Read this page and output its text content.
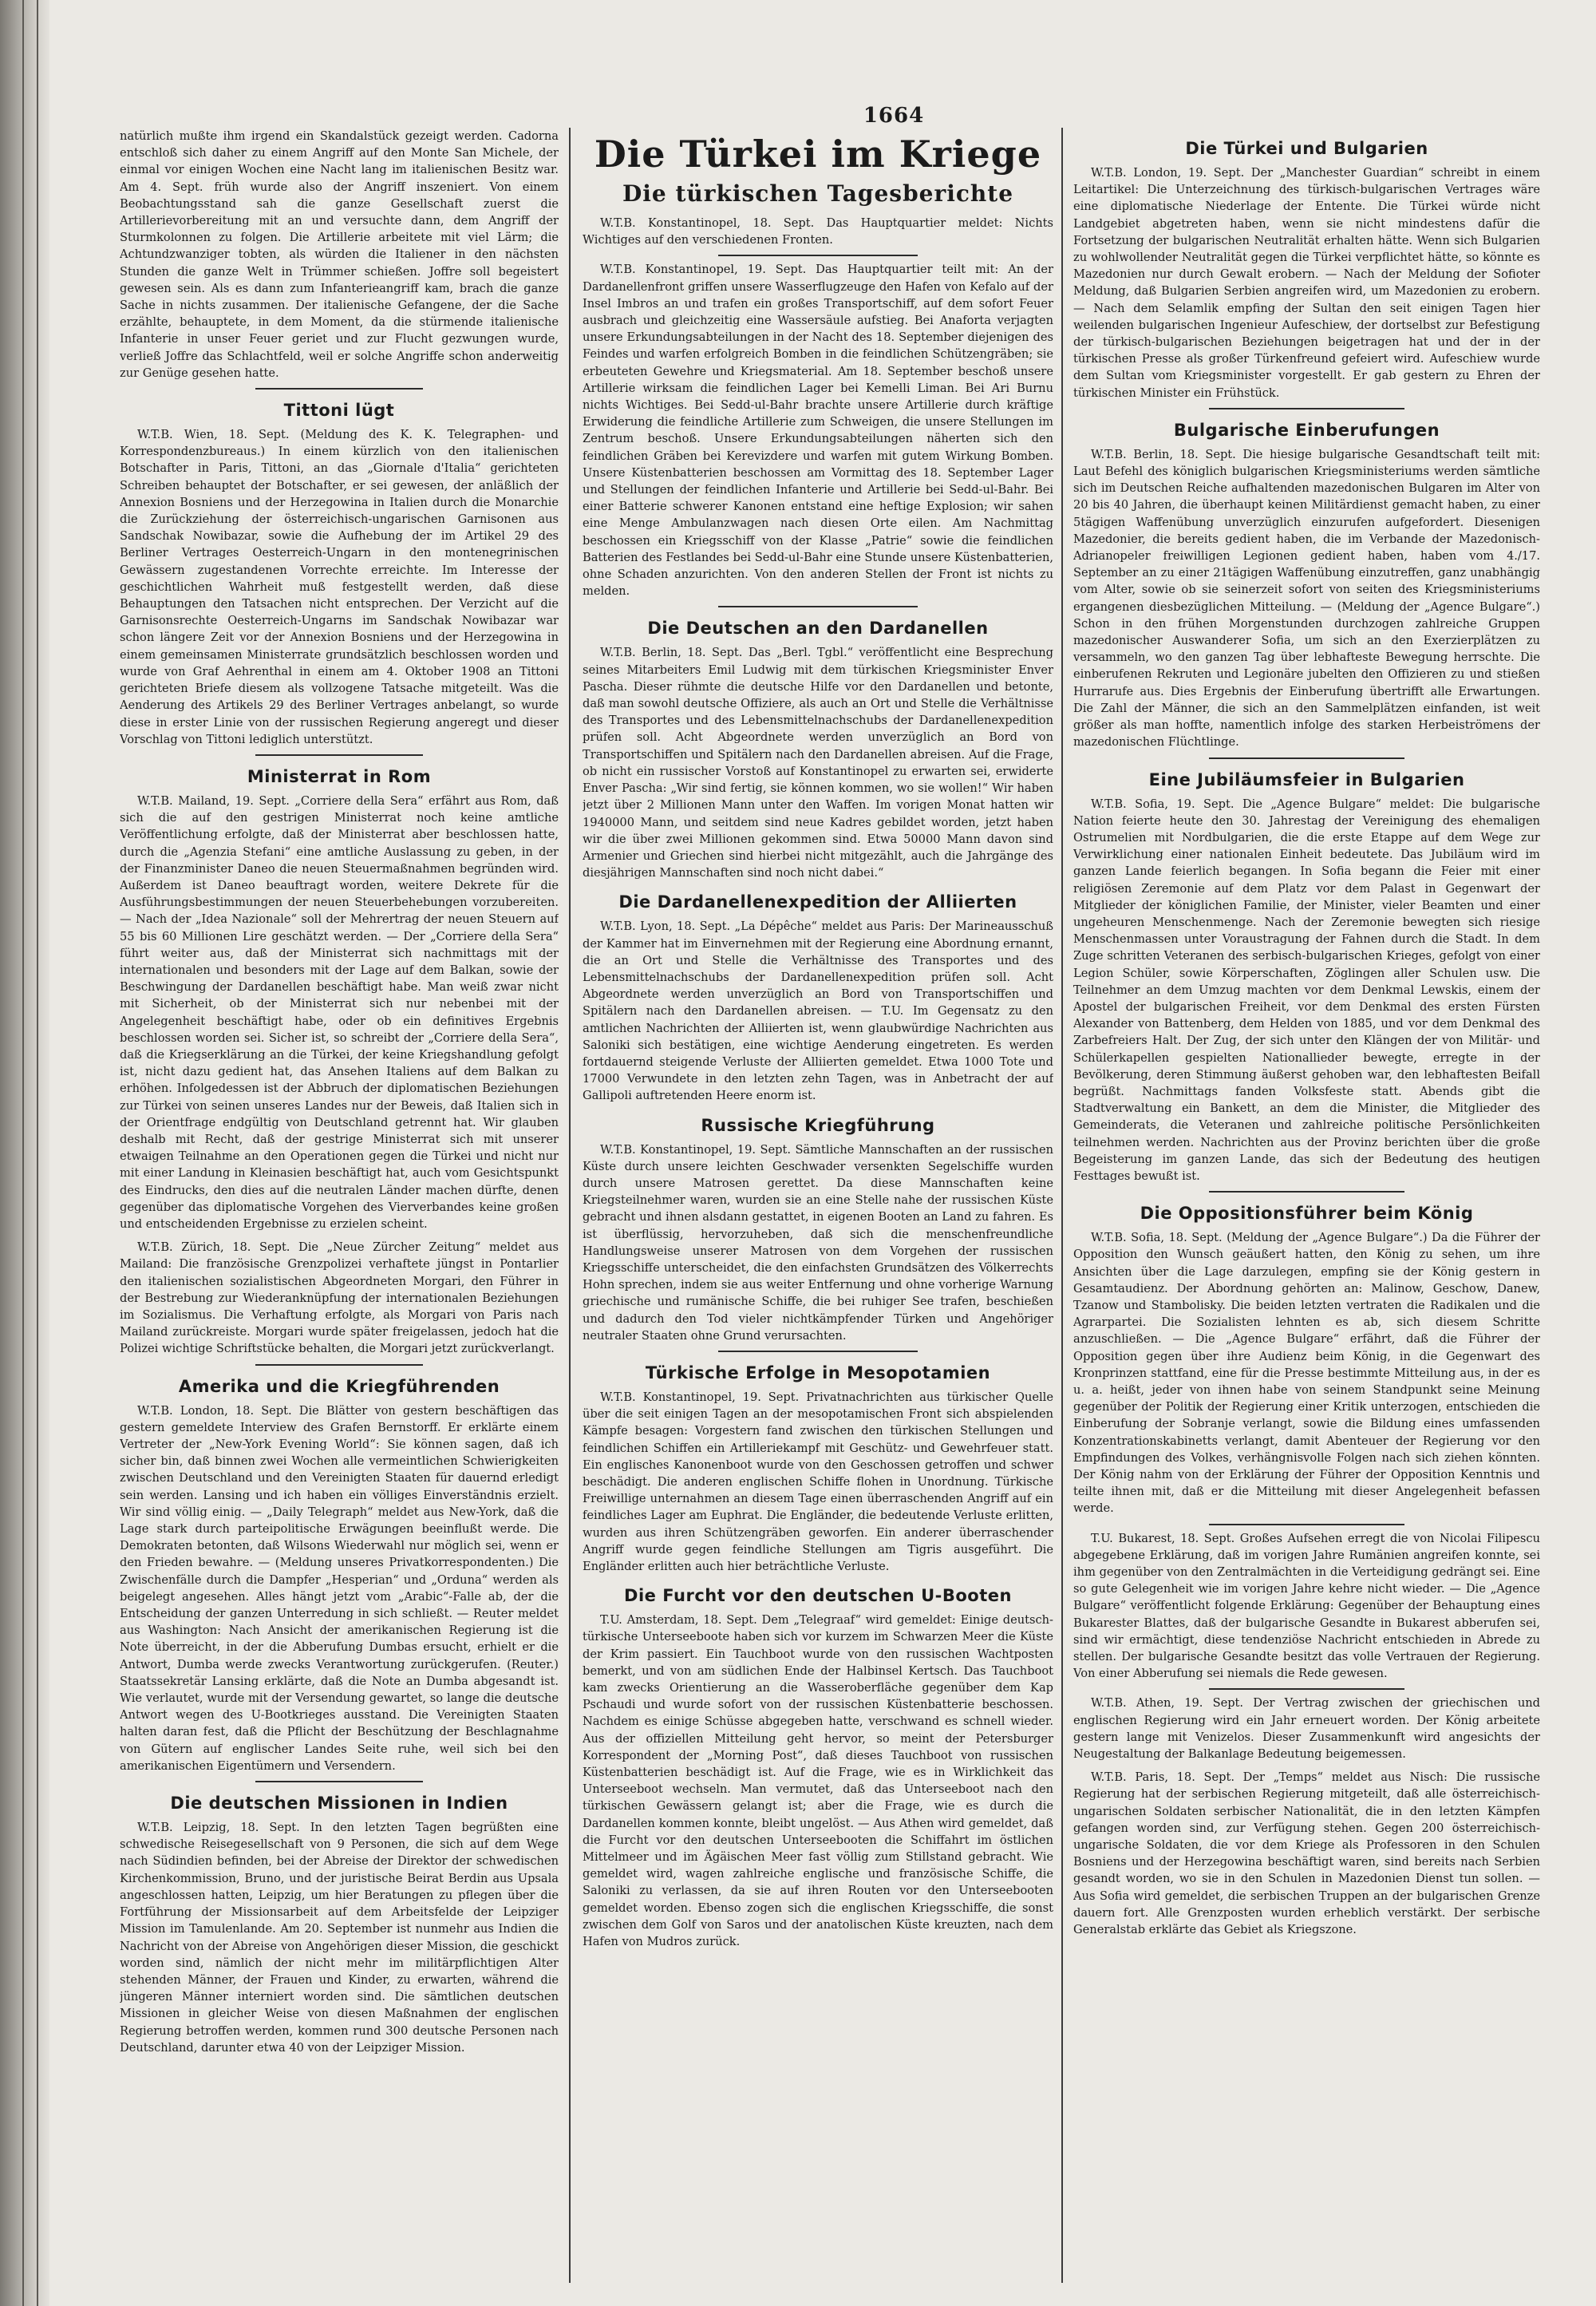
1664

natürlich mußte ihm irgend ein Skandalstück gezeigt werden. Cadorna entschloß sich daher zu einem Angriff auf den Monte San Michele, der einmal vor einigen Wochen eine Nacht lang im italienischen Besitz war. Am 4. Sept. früh wurde also der Angriff inszeniert. Von einem Beobachtungsstand sah die ganze Gesellschaft zuerst die Artillerievorbereitung mit an und versuchte dann, dem Angriff der Sturmkolonnen zu folgen. Die Artillerie arbeitete mit viel Lärm; die Achtundzwanziger tobten, als würden die Italiener in den nächsten Stunden die ganze Welt in Trümmer schießen. Joffre soll begeistert gewesen sein. Als es dann zum Infanterieangriff kam, brach die ganze Sache in nichts zusammen. Der italienische Gefangene, der die Sache erzählte, behauptete, in dem Moment, da die stürmende italienische Infanterie in unser Feuer geriet und zur Flucht gezwungen wurde, verließ Joffre das Schlachtfeld, weil er solche Angriffe schon anderweitig zur Genüge gesehen hatte.

Tittoni lügt

W.T.B. Wien, 18. Sept. (Meldung des K. K. Telegraphen- und Korrespondenzbureaus.) In einem kürzlich von den italienischen Botschafter in Paris, Tittoni, an das „Giornale d'Italia“ gerichteten Schreiben behauptet der Botschafter, er sei gewesen, der anläßlich der Annexion Bosniens und der Herzegowina in Italien durch die Monarchie die Zurückziehung der österreichisch-ungarischen Garnisonen aus Sandschak Nowibazar, sowie die Aufhebung der im Artikel 29 des Berliner Vertrages Oesterreich-Ungarn in den montenegrinischen Gewässern zugestandenen Vorrechte erreichte. Im Interesse der geschichtlichen Wahrheit muß festgestellt werden, daß diese Behauptungen den Tatsachen nicht entsprechen. Der Verzicht auf die Garnisonsrechte Oesterreich-Ungarns im Sandschak Nowibazar war schon längere Zeit vor der Annexion Bosniens und der Herzegowina in einem gemeinsamen Ministerrate grundsätzlich beschlossen worden und wurde von Graf Aehrenthal in einem am 4. Oktober 1908 an Tittoni gerichteten Briefe diesem als vollzogene Tatsache mitgeteilt. Was die Aenderung des Artikels 29 des Berliner Vertrages anbelangt, so wurde diese in erster Linie von der russischen Regierung angeregt und dieser Vorschlag von Tittoni lediglich unterstützt.

Ministerrat in Rom

W.T.B. Mailand, 19. Sept. „Corriere della Sera“ erfährt aus Rom, daß sich die auf den gestrigen Ministerrat noch keine amtliche Veröffentlichung erfolgte, daß der Ministerrat aber beschlossen hatte, durch die „Agenzia Stefani“ eine amtliche Auslassung zu geben, in der der Finanzminister Daneo die neuen Steuermaßnahmen begründen wird. Außerdem ist Daneo beauftragt worden, weitere Dekrete für die Ausführungsbestimmungen der neuen Steuerbehebungen vorzubereiten. — Nach der „Idea Nazionale“ soll der Mehrertrag der neuen Steuern auf 55 bis 60 Millionen Lire geschätzt werden. — Der „Corriere della Sera“ führt weiter aus, daß der Ministerrat sich nachmittags mit der internationalen und besonders mit der Lage auf dem Balkan, sowie der Beschwingung der Dardanellen beschäftigt habe. Man weiß zwar nicht mit Sicherheit, ob der Ministerrat sich nur nebenbei mit der Angelegenheit beschäftigt habe, oder ob ein definitives Ergebnis beschlossen worden sei. Sicher ist, so schreibt der „Corriere della Sera“, daß die Kriegserklärung an die Türkei, der keine Kriegshandlung gefolgt ist, nicht dazu gedient hat, das Ansehen Italiens auf dem Balkan zu erhöhen. Infolgedessen ist der Abbruch der diplomatischen Beziehungen zur Türkei von seinen unseres Landes nur der Beweis, daß Italien sich in der Orientfrage endgültig von Deutschland getrennt hat. Wir glauben deshalb mit Recht, daß der gestrige Ministerrat sich mit unserer etwaigen Teilnahme an den Operationen gegen die Türkei und nicht nur mit einer Landung in Kleinasien beschäftigt hat, auch vom Gesichtspunkt des Eindrucks, den dies auf die neutralen Länder machen dürfte, denen gegenüber das diplomatische Vorgehen des Vierverbandes keine großen und entscheidenden Ergebnisse zu erzielen scheint.

W.T.B. Zürich, 18. Sept. Die „Neue Zürcher Zeitung“ meldet aus Mailand: Die französische Grenzpolizei verhaftete jüngst in Pontarlier den italienischen sozialistischen Abgeordneten Morgari, den Führer in der Bestrebung zur Wiederanknüpfung der internationalen Beziehungen im Sozialismus. Die Verhaftung erfolgte, als Morgari von Paris nach Mailand zurückreiste. Morgari wurde später freigelassen, jedoch hat die Polizei wichtige Schriftstücke behalten, die Morgari jetzt zurückverlangt.

Amerika und die Kriegführenden

W.T.B. London, 18. Sept. Die Blätter von gestern beschäftigen das gestern gemeldete Interview des Grafen Bernstorff. Er erklärte einem Vertreter der „New-York Evening World“: Sie können sagen, daß ich sicher bin, daß binnen zwei Wochen alle vermeintlichen Schwierigkeiten zwischen Deutschland und den Vereinigten Staaten für dauernd erledigt sein werden. Lansing und ich haben ein völliges Einverständnis erzielt. Wir sind völlig einig. — „Daily Telegraph“ meldet aus New-York, daß die Lage stark durch parteipolitische Erwägungen beeinflußt werde. Die Demokraten betonten, daß Wilsons Wiederwahl nur möglich sei, wenn er den Frieden bewahre. — (Meldung unseres Privatkorrespondenten.) Die Zwischenfälle durch die Dampfer „Hesperian“ und „Orduna“ werden als beigelegt angesehen. Alles hängt jetzt vom „Arabic“-Falle ab, der die Entscheidung der ganzen Unterredung in sich schließt. — Reuter meldet aus Washington: Nach Ansicht der amerikanischen Regierung ist die Note überreicht, in der die Abberufung Dumbas ersucht, erhielt er die Antwort, Dumba werde zwecks Verantwortung zurückgerufen. (Reuter.) Staatssekretär Lansing erklärte, daß die Note an Dumba abgesandt ist. Wie verlautet, wurde mit der Versendung gewartet, so lange die deutsche Antwort wegen des U-Bootkrieges ausstand. Die Vereinigten Staaten halten daran fest, daß die Pflicht der Beschützung der Beschlagnahme von Gütern auf englischer Landes Seite ruhe, weil sich bei den amerikanischen Eigentümern und Versendern.

Die deutschen Missionen in Indien

W.T.B. Leipzig, 18. Sept. In den letzten Tagen begrüßten eine schwedische Reisegesellschaft von 9 Personen, die sich auf dem Wege nach Südindien befinden, bei der Abreise der Direktor der schwedischen Kirchenkommission, Bruno, und der juristische Beirat Berdin aus Upsala angeschlossen hatten, Leipzig, um hier Beratungen zu pflegen über die Fortführung der Missionsarbeit auf dem Arbeitsfelde der Leipziger Mission im Tamulenlande. Am 20. September ist nunmehr aus Indien die Nachricht von der Abreise von Angehörigen dieser Mission, die geschickt worden sind, nämlich der nicht mehr im militärpflichtigen Alter stehenden Männer, der Frauen und Kinder, zu erwarten, während die jüngeren Männer interniert worden sind. Die sämtlichen deutschen Missionen in gleicher Weise von diesen Maßnahmen der englischen Regierung betroffen werden, kommen rund 300 deutsche Personen nach Deutschland, darunter etwa 40 von der Leipziger Mission.

Die Türkei im Kriege
Die türkischen Tagesberichte

W.T.B. Konstantinopel, 18. Sept. Das Hauptquartier meldet: Nichts Wichtiges auf den verschiedenen Fronten.

W.T.B. Konstantinopel, 19. Sept. Das Hauptquartier teilt mit: An der Dardanellenfront griffen unsere Wasserflugzeuge den Hafen von Kefalo auf der Insel Imbros an und trafen ein großes Transportschiff, auf dem sofort Feuer ausbrach und gleichzeitig eine Wassersäule aufstieg. Bei Anaforta verjagten unsere Erkundungsabteilungen in der Nacht des 18. September diejenigen des Feindes und warfen erfolgreich Bomben in die feindlichen Schützengräben; sie erbeuteten Gewehre und Kriegsmaterial. Am 18. September beschoß unsere Artillerie wirksam die feindlichen Lager bei Kemelli Liman. Bei Ari Burnu nichts Wichtiges. Bei Sedd-ul-Bahr brachte unsere Artillerie durch kräftige Erwiderung die feindliche Artillerie zum Schweigen, die unsere Stellungen im Zentrum beschoß. Unsere Erkundungsabteilungen näherten sich den feindlichen Gräben bei Kerevizdere und warfen mit gutem Wirkung Bomben. Unsere Küstenbatterien beschossen am Vormittag des 18. September Lager und Stellungen der feindlichen Infanterie und Artillerie bei Sedd-ul-Bahr. Bei einer Batterie schwerer Kanonen entstand eine heftige Explosion; wir sahen eine Menge Ambulanzwagen nach diesen Orte eilen. Am Nachmittag beschossen ein Kriegsschiff von der Klasse „Patrie“ sowie die feindlichen Batterien des Festlandes bei Sedd-ul-Bahr eine Stunde unsere Küstenbatterien, ohne Schaden anzurichten. Von den anderen Stellen der Front ist nichts zu melden.

Die Deutschen an den Dardanellen

W.T.B. Berlin, 18. Sept. Das „Berl. Tgbl.“ veröffentlicht eine Besprechung seines Mitarbeiters Emil Ludwig mit dem türkischen Kriegsminister Enver Pascha. Dieser rühmte die deutsche Hilfe vor den Dardanellen und betonte, daß man sowohl deutsche Offiziere, als auch an Ort und Stelle die Verhältnisse des Transportes und des Lebensmittelnachschubs der Dardanellenexpedition prüfen soll. Acht Abgeordnete werden unverzüglich an Bord von Transportschiffen und Spitälern nach den Dardanellen abreisen. Auf die Frage, ob nicht ein russischer Vorstoß auf Konstantinopel zu erwarten sei, erwiderte Enver Pascha: „Wir sind fertig, sie können kommen, wo sie wollen!“ Wir haben jetzt über 2 Millionen Mann unter den Waffen. Im vorigen Monat hatten wir 1940000 Mann, und seitdem sind neue Kadres gebildet worden, jetzt haben wir die über zwei Millionen gekommen sind. Etwa 50000 Mann davon sind Armenier und Griechen sind hierbei nicht mitgezählt, auch die Jahrgänge des diesjährigen Mannschaften sind noch nicht dabei.“

Die Dardanellenexpedition der Alliierten

W.T.B. Lyon, 18. Sept. „La Dépêche“ meldet aus Paris: Der Marineausschuß der Kammer hat im Einvernehmen mit der Regierung eine Abordnung ernannt, die an Ort und Stelle die Verhältnisse des Transportes und des Lebensmittelnachschubs der Dardanellenexpedition prüfen soll. Acht Abgeordnete werden unverzüglich an Bord von Transportschiffen und Spitälern nach den Dardanellen abreisen. — T.U. Im Gegensatz zu den amtlichen Nachrichten der Alliierten ist, wenn glaubwürdige Nachrichten aus Saloniki sich bestätigen, eine wichtige Aenderung eingetreten. Es werden fortdauernd steigende Verluste der Alliierten gemeldet. Etwa 1000 Tote und 17000 Verwundete in den letzten zehn Tagen, was in Anbetracht der auf Gallipoli auftretenden Heere enorm ist.

Russische Kriegführung

W.T.B. Konstantinopel, 19. Sept. Sämtliche Mannschaften an der russischen Küste durch unsere leichten Geschwader versenkten Segelschiffe wurden durch unsere Matrosen gerettet. Da diese Mannschaften keine Kriegsteilnehmer waren, wurden sie an eine Stelle nahe der russischen Küste gebracht und ihnen alsdann gestattet, in eigenen Booten an Land zu fahren. Es ist überflüssig, hervorzuheben, daß sich die menschenfreundliche Handlungsweise unserer Matrosen von dem Vorgehen der russischen Kriegsschiffe unterscheidet, die den einfachsten Grundsätzen des Völkerrechts Hohn sprechen, indem sie aus weiter Entfernung und ohne vorherige Warnung griechische und rumänische Schiffe, die bei ruhiger See trafen, beschießen und dadurch den Tod vieler nichtkämpfender Türken und Angehöriger neutraler Staaten ohne Grund verursachten.

Türkische Erfolge in Mesopotamien

W.T.B. Konstantinopel, 19. Sept. Privatnachrichten aus türkischer Quelle über die seit einigen Tagen an der mesopotamischen Front sich abspielenden Kämpfe besagen: Vorgestern fand zwischen den türkischen Stellungen und feindlichen Schiffen ein Artilleriekampf mit Geschütz- und Gewehrfeuer statt. Ein englisches Kanonenboot wurde von den Geschossen getroffen und schwer beschädigt. Die anderen englischen Schiffe flohen in Unordnung. Türkische Freiwillige unternahmen an diesem Tage einen überraschenden Angriff auf ein feindliches Lager am Euphrat. Die Engländer, die bedeutende Verluste erlitten, wurden aus ihren Schützengräben geworfen. Ein anderer überraschender Angriff wurde gegen feindliche Stellungen am Tigris ausgeführt. Die Engländer erlitten auch hier beträchtliche Verluste.

Die Furcht vor den deutschen U-Booten

T.U. Amsterdam, 18. Sept. Dem „Telegraaf“ wird gemeldet: Einige deutsch-türkische Unterseeboote haben sich vor kurzem im Schwarzen Meer die Küste der Krim passiert. Ein Tauchboot wurde von den russischen Wachtposten bemerkt, und von am südlichen Ende der Halbinsel Kertsch. Das Tauchboot kam zwecks Orientierung an die Wasseroberfläche gegenüber dem Kap Pschaudi und wurde sofort von der russischen Küstenbatterie beschossen. Nachdem es einige Schüsse abgegeben hatte, verschwand es schnell wieder. Aus der offiziellen Mitteilung geht hervor, so meint der Petersburger Korrespondent der „Morning Post“, daß dieses Tauchboot von russischen Küstenbatterien beschädigt ist. Auf die Frage, wie es in Wirklichkeit das Unterseeboot wechseln. Man vermutet, daß das Unterseeboot nach den türkischen Gewässern gelangt ist; aber die Frage, wie es durch die Dardanellen kommen konnte, bleibt ungelöst. — Aus Athen wird gemeldet, daß die Furcht vor den deutschen Unterseebooten die Schiffahrt im östlichen Mittelmeer und im Ägäischen Meer fast völlig zum Stillstand gebracht. Wie gemeldet wird, wagen zahlreiche englische und französische Schiffe, die Saloniki zu verlassen, da sie auf ihren Routen vor den Unterseebooten gemeldet worden. Ebenso zogen sich die englischen Kriegsschiffe, die sonst zwischen dem Golf von Saros und der anatolischen Küste kreuzten, nach dem Hafen von Mudros zurück.

Die Türkei und Bulgarien

W.T.B. London, 19. Sept. Der „Manchester Guardian“ schreibt in einem Leitartikel: Die Unterzeichnung des türkisch-bulgarischen Vertrages wäre eine diplomatische Niederlage der Entente. Die Türkei würde nicht Landgebiet abgetreten haben, wenn sie nicht mindestens dafür die Fortsetzung der bulgarischen Neutralität erhalten hätte. Wenn sich Bulgarien zu wohlwollender Neutralität gegen die Türkei verpflichtet hätte, so könnte es Mazedonien nur durch Gewalt erobern. — Nach der Meldung der Sofioter Meldung, daß Bulgarien Serbien angreifen wird, um Mazedonien zu erobern. — Nach dem Selamlik empfing der Sultan den seit einigen Tagen hier weilenden bulgarischen Ingenieur Aufeschiew, der dortselbst zur Befestigung der türkisch-bulgarischen Beziehungen beigetragen hat und der in der türkischen Presse als großer Türkenfreund gefeiert wird. Aufeschiew wurde dem Sultan vom Kriegsminister vorgestellt. Er gab gestern zu Ehren der türkischen Minister ein Frühstück.

Bulgarische Einberufungen

W.T.B. Berlin, 18. Sept. Die hiesige bulgarische Gesandtschaft teilt mit: Laut Befehl des königlich bulgarischen Kriegsministeriums werden sämtliche sich im Deutschen Reiche aufhaltenden mazedonischen Bulgaren im Alter von 20 bis 40 Jahren, die überhaupt keinen Militärdienst gemacht haben, zu einer 5tägigen Waffenübung unverzüglich einzurufen aufgefordert. Diesenigen Mazedonier, die bereits gedient haben, die im Verbande der Mazedonisch-Adrianopeler freiwilligen Legionen gedient haben, haben vom 4./17. September an zu einer 21tägigen Waffenübung einzutreffen, ganz unabhängig vom Alter, sowie ob sie seinerzeit sofort von seiten des Kriegsministeriums ergangenen diesbezüglichen Mitteilung. — (Meldung der „Agence Bulgare“.) Schon in den frühen Morgenstunden durchzogen zahlreiche Gruppen mazedonischer Auswanderer Sofia, um sich an den Exerzierplätzen zu versammeln, wo den ganzen Tag über lebhafteste Bewegung herrschte. Die einberufenen Rekruten und Legionäre jubelten den Offizieren zu und stießen Hurrarufe aus. Dies Ergebnis der Einberufung übertrifft alle Erwartungen. Die Zahl der Männer, die sich an den Sammelplätzen einfanden, ist weit größer als man hoffte, namentlich infolge des starken Herbeiströmens der mazedonischen Flüchtlinge.

Eine Jubiläumsfeier in Bulgarien

W.T.B. Sofia, 19. Sept. Die „Agence Bulgare“ meldet: Die bulgarische Nation feierte heute den 30. Jahrestag der Vereinigung des ehemaligen Ostrumelien mit Nordbulgarien, die die erste Etappe auf dem Wege zur Verwirklichung einer nationalen Einheit bedeutete. Das Jubiläum wird im ganzen Lande feierlich begangen. In Sofia begann die Feier mit einer religiösen Zeremonie auf dem Platz vor dem Palast in Gegenwart der Mitglieder der königlichen Familie, der Minister, vieler Beamten und einer ungeheuren Menschenmenge. Nach der Zeremonie bewegten sich riesige Menschenmassen unter Voraustragung der Fahnen durch die Stadt. In dem Zuge schritten Veteranen des serbisch-bulgarischen Krieges, gefolgt von einer Legion Schüler, sowie Körperschaften, Zöglingen aller Schulen usw. Die Teilnehmer an dem Umzug machten vor dem Denkmal Lewskis, einem der Apostel der bulgarischen Freiheit, vor dem Denkmal des ersten Fürsten Alexander von Battenberg, dem Helden von 1885, und vor dem Denkmal des Zarbefreiers Halt. Der Zug, der sich unter den Klängen der von Militär- und Schülerkapellen gespielten Nationallieder bewegte, erregte in der Bevölkerung, deren Stimmung äußerst gehoben war, den lebhaftesten Beifall begrüßt. Nachmittags fanden Volksfeste statt. Abends gibt die Stadtverwaltung ein Bankett, an dem die Minister, die Mitglieder des Gemeinderats, die Veteranen und zahlreiche politische Persönlichkeiten teilnehmen werden. Nachrichten aus der Provinz berichten über die große Begeisterung im ganzen Lande, das sich der Bedeutung des heutigen Festtages bewußt ist.

Die Oppositionsführer beim König

W.T.B. Sofia, 18. Sept. (Meldung der „Agence Bulgare“.) Da die Führer der Opposition den Wunsch geäußert hatten, den König zu sehen, um ihre Ansichten über die Lage darzulegen, empfing sie der König gestern in Gesamtaudienz. Der Abordnung gehörten an: Malinow, Geschow, Danew, Tzanow und Stambolisky. Die beiden letzten vertraten die Radikalen und die Agrarpartei. Die Sozialisten lehnten es ab, sich diesem Schritte anzuschließen. — Die „Agence Bulgare“ erfährt, daß die Führer der Opposition gegen über ihre Audienz beim König, in die Gegenwart des Kronprinzen stattfand, eine für die Presse bestimmte Mitteilung aus, in der es u. a. heißt, jeder von ihnen habe von seinem Standpunkt seine Meinung gegenüber der Politik der Regierung einer Kritik unterzogen, entschieden die Einberufung der Sobranje verlangt, sowie die Bildung eines umfassenden Konzentrationskabinetts verlangt, damit Abenteuer der Regierung vor den Empfindungen des Volkes, verhängnisvolle Folgen nach sich ziehen könnten. Der König nahm von der Erklärung der Führer der Opposition Kenntnis und teilte ihnen mit, daß er die Mitteilung mit dieser Angelegenheit befassen werde.

T.U. Bukarest, 18. Sept. Großes Aufsehen erregt die von Nicolai Filipescu abgegebene Erklärung, daß im vorigen Jahre Rumänien angreifen konnte, sei ihm gegenüber von den Zentralmächten in die Verteidigung gedrängt sei. Eine so gute Gelegenheit wie im vorigen Jahre kehre nicht wieder. — Die „Agence Bulgare“ veröffentlicht folgende Erklärung: Gegenüber der Behauptung eines Bukarester Blattes, daß der bulgarische Gesandte in Bukarest abberufen sei, sind wir ermächtigt, diese tendenziöse Nachricht entschieden in Abrede zu stellen. Der bulgarische Gesandte besitzt das volle Vertrauen der Regierung. Von einer Abberufung sei niemals die Rede gewesen.

W.T.B. Athen, 19. Sept. Der Vertrag zwischen der griechischen und englischen Regierung wird ein Jahr erneuert worden. Der König arbeitete gestern lange mit Venizelos. Dieser Zusammenkunft wird angesichts der Neugestaltung der Balkanlage Bedeutung beigemessen.

W.T.B. Paris, 18. Sept. Der „Temps“ meldet aus Nisch: Die russische Regierung hat der serbischen Regierung mitgeteilt, daß alle österreichisch-ungarischen Soldaten serbischer Nationalität, die in den letzten Kämpfen gefangen worden sind, zur Verfügung stehen. Gegen 200 österreichisch-ungarische Soldaten, die vor dem Kriege als Professoren in den Schulen Bosniens und der Herzegowina beschäftigt waren, sind bereits nach Serbien gesandt worden, wo sie in den Schulen in Mazedonien Dienst tun sollen. — Aus Sofia wird gemeldet, die serbischen Truppen an der bulgarischen Grenze dauern fort. Alle Grenzposten wurden erheblich verstärkt. Der serbische Generalstab erklärte das Gebiet als Kriegszone.
